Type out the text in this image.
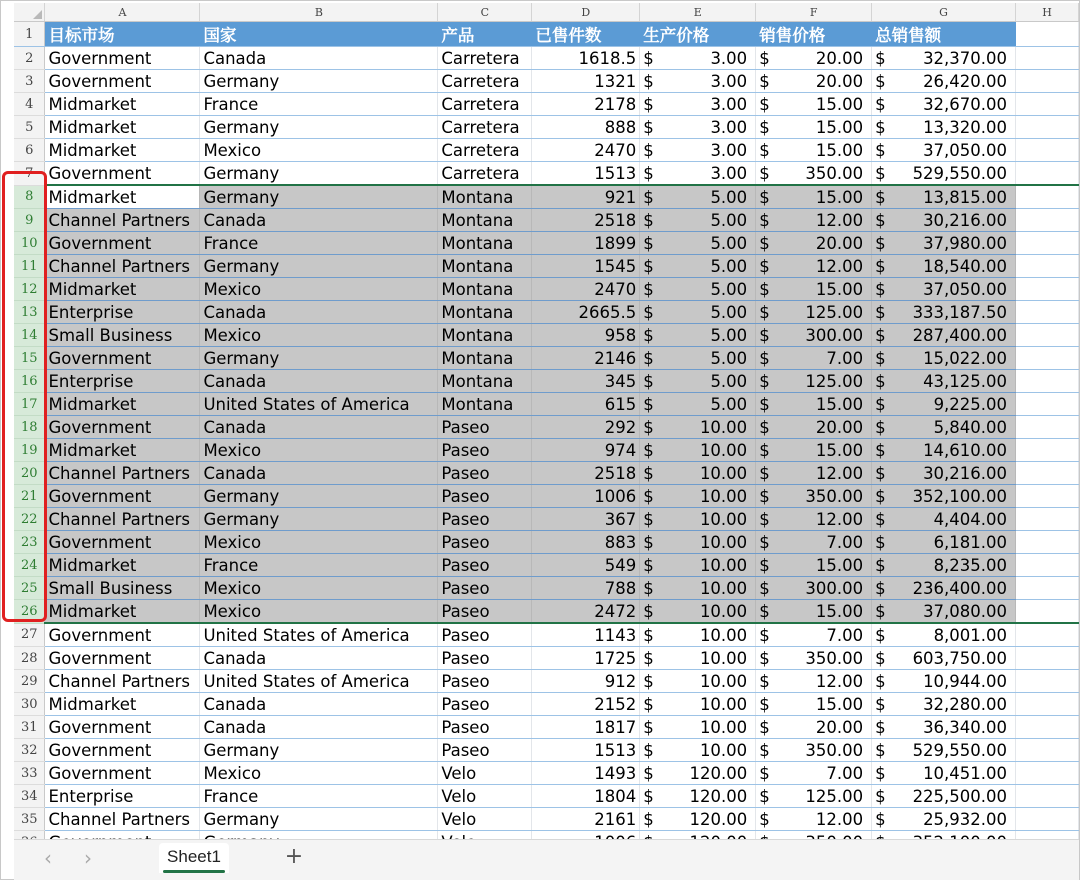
	A	B	C	D	E	F	G	H
1	目标市场	国家	产品	已售件数	生产价格	销售价格	总销售额	
2	Government	Canada	Carretera	1618.5	$ 3.00	$ 20.00	$ 32,370.00	

3	Government	Germany	Carretera	1321	$ 3.00	$ 20.00	$ 26,420.00	

4	Midmarket	France	Carretera	2178	$ 3.00	$ 15.00	$ 32,670.00	

5	Midmarket	Germany	Carretera	888	$ 3.00	$ 15.00	$ 13,320.00	

6	Midmarket	Mexico	Carretera	2470	$ 3.00	$ 15.00	$ 37,050.00	

7	Government	Germany	Carretera	1513	$ 3.00	$ 350.00	$ 529,550.00	

8	Midmarket	Germany	Montana	921	$ 5.00	$ 15.00	$ 13,815.00	

9	Channel Partners	Canada	Montana	2518	$ 5.00	$ 12.00	$ 30,216.00	

10	Government	France	Montana	1899	$ 5.00	$ 20.00	$ 37,980.00	

11	Channel Partners	Germany	Montana	1545	$ 5.00	$ 12.00	$ 18,540.00	

12	Midmarket	Mexico	Montana	2470	$ 5.00	$ 15.00	$ 37,050.00	

13	Enterprise	Canada	Montana	2665.5	$ 5.00	$ 125.00	$ 333,187.50	

14	Small Business	Mexico	Montana	958	$ 5.00	$ 300.00	$ 287,400.00	

15	Government	Germany	Montana	2146	$ 5.00	$ 7.00	$ 15,022.00	

16	Enterprise	Canada	Montana	345	$ 5.00	$ 125.00	$ 43,125.00	

17	Midmarket	United States of America	Montana	615	$ 5.00	$ 15.00	$ 9,225.00	

18	Government	Canada	Paseo	292	$ 10.00	$ 20.00	$ 5,840.00	

19	Midmarket	Mexico	Paseo	974	$ 10.00	$ 15.00	$ 14,610.00	

20	Channel Partners	Canada	Paseo	2518	$ 10.00	$ 12.00	$ 30,216.00	

21	Government	Germany	Paseo	1006	$ 10.00	$ 350.00	$ 352,100.00	

22	Channel Partners	Germany	Paseo	367	$ 10.00	$ 12.00	$ 4,404.00	

23	Government	Mexico	Paseo	883	$ 10.00	$ 7.00	$ 6,181.00	

24	Midmarket	France	Paseo	549	$ 10.00	$ 15.00	$ 8,235.00	

25	Small Business	Mexico	Paseo	788	$ 10.00	$ 300.00	$ 236,400.00	

26	Midmarket	Mexico	Paseo	2472	$ 10.00	$ 15.00	$ 37,080.00	

27	Government	United States of America	Paseo	1143	$ 10.00	$ 7.00	$ 8,001.00	

28	Government	Canada	Paseo	1725	$ 10.00	$ 350.00	$ 603,750.00	

29	Channel Partners	United States of America	Paseo	912	$ 10.00	$ 12.00	$ 10,944.00	

30	Midmarket	Canada	Paseo	2152	$ 10.00	$ 15.00	$ 32,280.00	

31	Government	Canada	Paseo	1817	$ 10.00	$ 20.00	$ 36,340.00	

32	Government	Germany	Paseo	1513	$ 10.00	$ 350.00	$ 529,550.00	

33	Government	Mexico	Velo	1493	$ 120.00	$ 7.00	$ 10,451.00	

34	Enterprise	France	Velo	1804	$ 120.00	$ 125.00	$ 225,500.00	

35	Channel Partners	Germany	Velo	2161	$ 120.00	$ 12.00	$ 25,932.00	

‹	›	Sheet1	+
